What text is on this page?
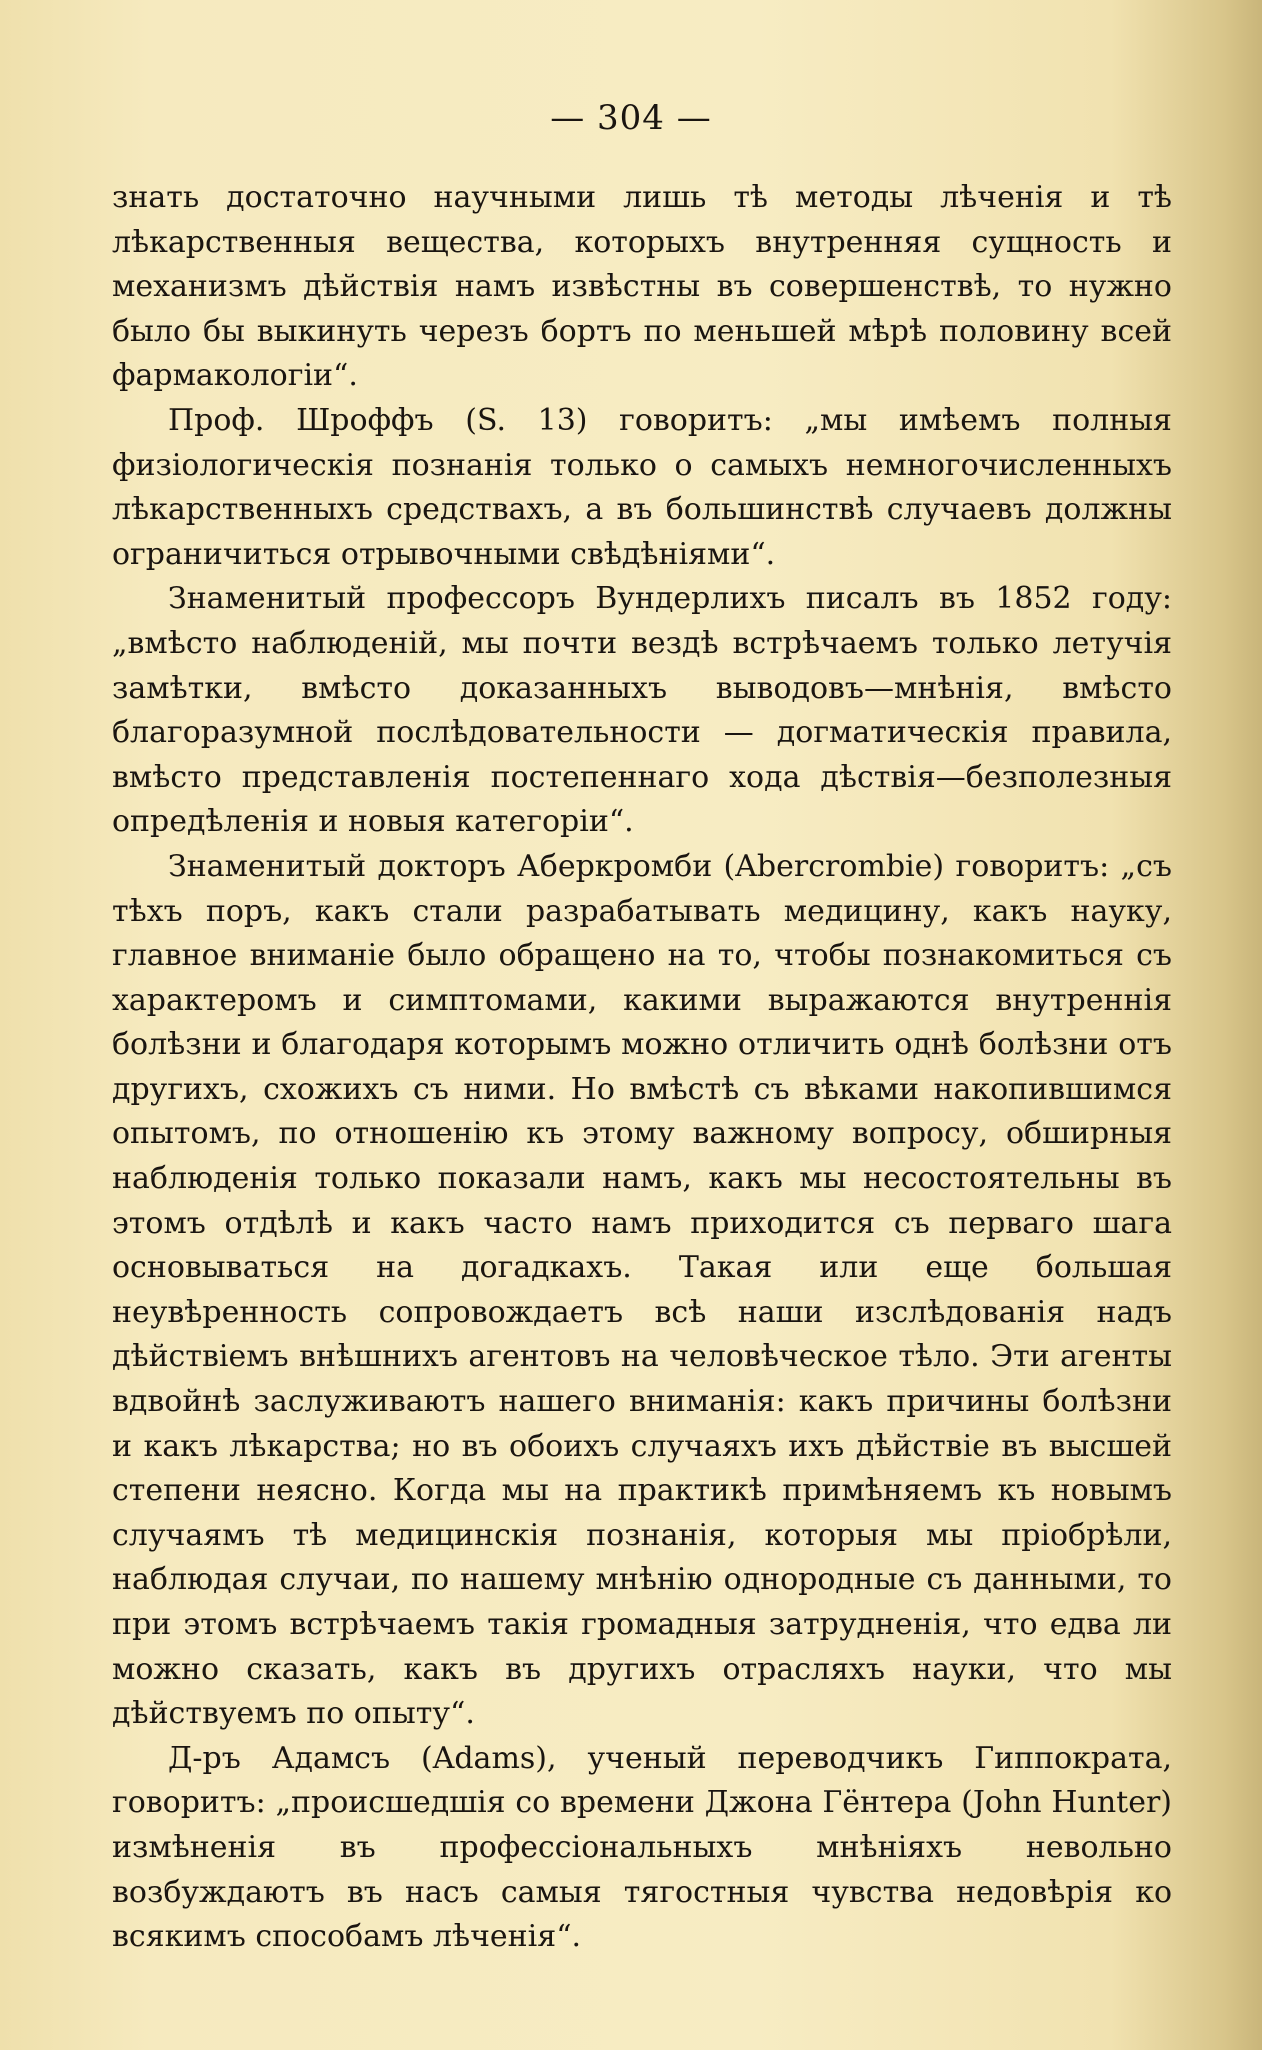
— 304 —

знать достаточно научными лишь тѣ методы лѣченія и тѣ лѣкарственныя вещества, которыхъ внутренняя сущность и механизмъ дѣйствія намъ извѣстны въ совершенствѣ, то нужно было бы выкинуть черезъ бортъ по меньшей мѣрѣ половину всей фармакологіи“.

Проф. Шроффъ (S. 13) говоритъ: „мы имѣемъ полныя физіологическія познанія только о самыхъ немногочисленныхъ лѣкарственныхъ средствахъ, а въ большинствѣ случаевъ должны ограничиться отрывочными свѣдѣніями“.

Знаменитый профессоръ Вундерлихъ писалъ въ 1852 году: „вмѣсто наблюденій, мы почти вездѣ встрѣчаемъ только летучія замѣтки, вмѣсто доказанныхъ выводовъ—мнѣнія, вмѣсто благоразумной послѣдовательности — догматическія правила, вмѣсто представленія постепеннаго хода дѣствія—безполезныя опредѣленія и новыя категоріи“.

Знаменитый докторъ Аберкромби (Abercrombie) говоритъ: „съ тѣхъ поръ, какъ стали разрабатывать медицину, какъ науку, главное вниманіе было обращено на то, чтобы познакомиться съ характеромъ и симптомами, какими выражаются внутреннія болѣзни и благодаря которымъ можно отличить однѣ болѣзни отъ другихъ, схожихъ съ ними. Но вмѣстѣ съ вѣками накопившимся опытомъ, по отношенію къ этому важному вопросу, обширныя наблюденія только показали намъ, какъ мы несостоятельны въ этомъ отдѣлѣ и какъ часто намъ приходится съ перваго шага основываться на догадкахъ. Такая или еще большая неувѣренность сопровождаетъ всѣ наши изслѣдованія надъ дѣйствіемъ внѣшнихъ агентовъ на человѣческое тѣло. Эти агенты вдвойнѣ заслуживаютъ нашего вниманія: какъ причины болѣзни и какъ лѣкарства; но въ обоихъ случаяхъ ихъ дѣйствіе въ высшей степени неясно. Когда мы на практикѣ примѣняемъ къ новымъ случаямъ тѣ медицинскія познанія, которыя мы пріобрѣли, наблюдая случаи, по нашему мнѣнію однородные съ данными, то при этомъ встрѣчаемъ такія громадныя затрудненія, что едва ли можно сказать, какъ въ другихъ отрасляхъ науки, что мы дѣйствуемъ по опыту“.

Д-ръ Адамсъ (Adams), ученый переводчикъ Гиппократа, говоритъ: „происшедшія со времени Джона Гёнтера (John Hunter) измѣненія въ профессіональныхъ мнѣніяхъ невольно возбуждаютъ въ насъ самыя тягостныя чувства недовѣрія ко всякимъ способамъ лѣченія“.
